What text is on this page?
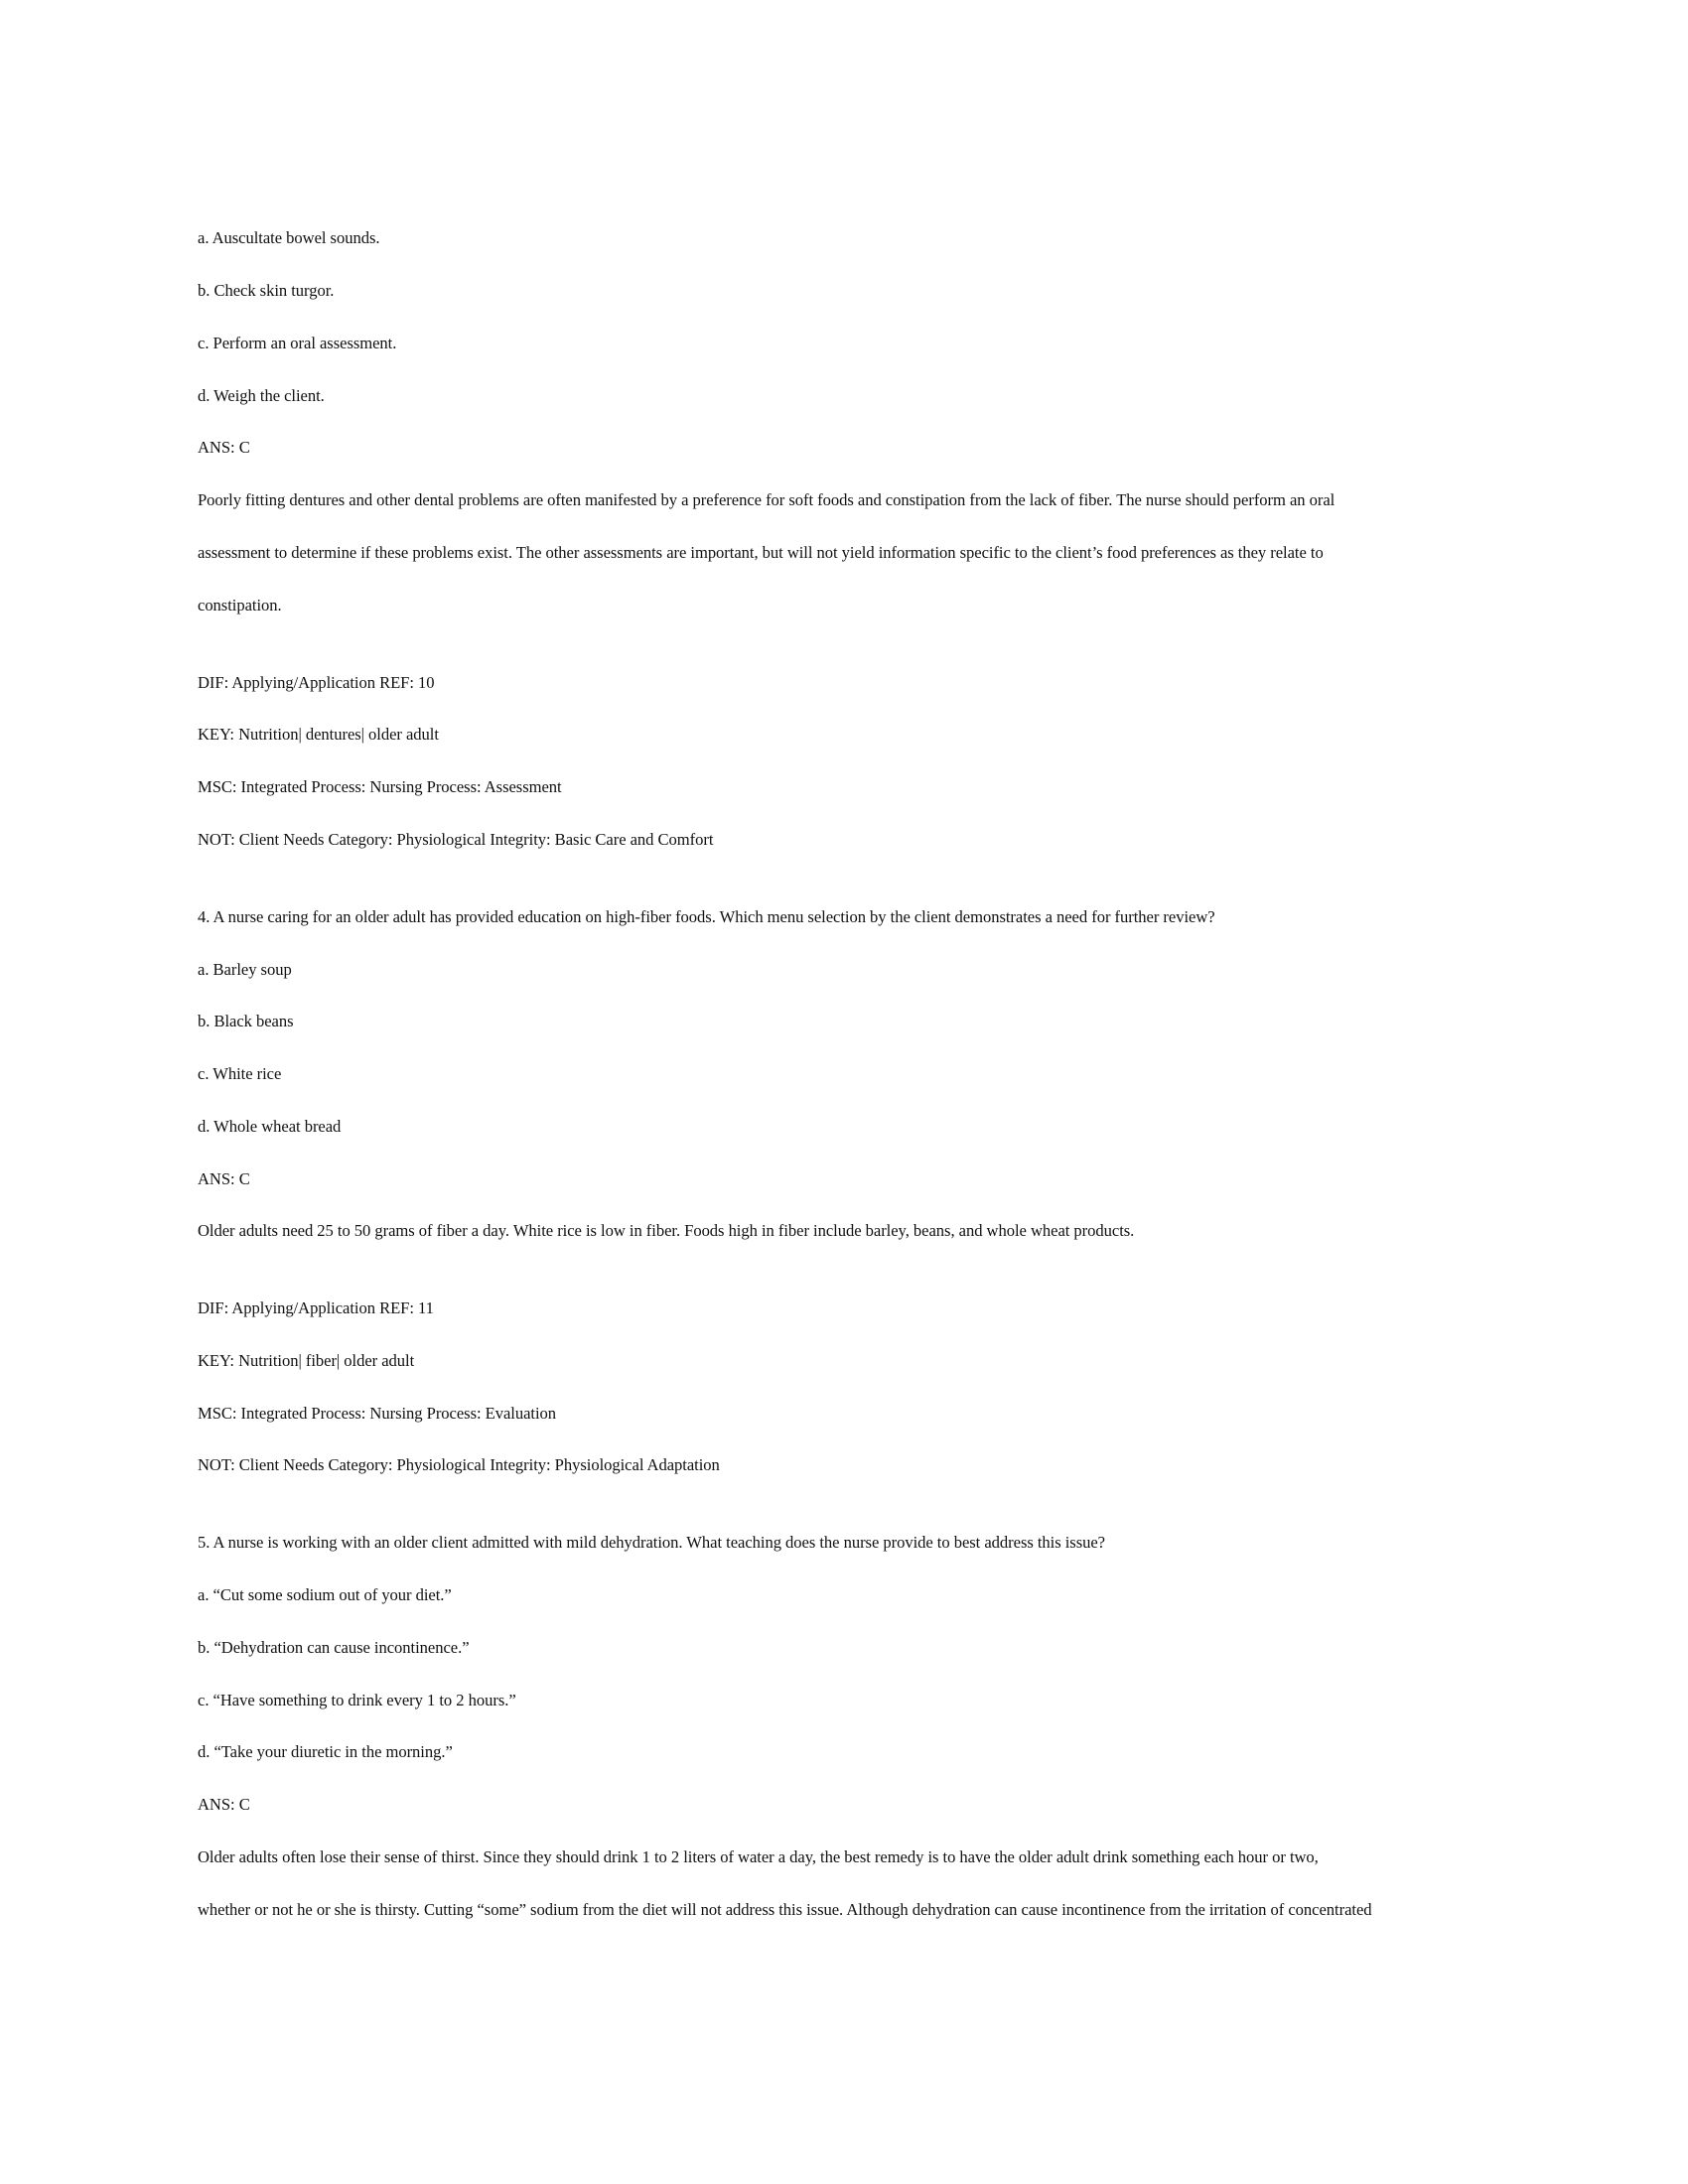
a. Auscultate bowel sounds.
b. Check skin turgor.
c. Perform an oral assessment.
d. Weigh the client.
ANS: C
Poorly fitting dentures and other dental problems are often manifested by a preference for soft foods and constipation from the lack of fiber. The nurse should perform an oral
assessment to determine if these problems exist. The other assessments are important, but will not yield information specific to the client’s food preferences as they relate to
constipation.
DIF: Applying/Application REF: 10
KEY: Nutrition| dentures| older adult
MSC: Integrated Process: Nursing Process: Assessment
NOT: Client Needs Category: Physiological Integrity: Basic Care and Comfort
4. A nurse caring for an older adult has provided education on high-fiber foods. Which menu selection by the client demonstrates a need for further review?
a. Barley soup
b. Black beans
c. White rice
d. Whole wheat bread
ANS: C
Older adults need 25 to 50 grams of fiber a day. White rice is low in fiber. Foods high in fiber include barley, beans, and whole wheat products.
DIF: Applying/Application REF: 11
KEY: Nutrition| fiber| older adult
MSC: Integrated Process: Nursing Process: Evaluation
NOT: Client Needs Category: Physiological Integrity: Physiological Adaptation
5. A nurse is working with an older client admitted with mild dehydration. What teaching does the nurse provide to best address this issue?
a. “Cut some sodium out of your diet.”
b. “Dehydration can cause incontinence.”
c. “Have something to drink every 1 to 2 hours.”
d. “Take your diuretic in the morning.”
ANS: C
Older adults often lose their sense of thirst. Since they should drink 1 to 2 liters of water a day, the best remedy is to have the older adult drink something each hour or two,
whether or not he or she is thirsty. Cutting “some” sodium from the diet will not address this issue. Although dehydration can cause incontinence from the irritation of concentrated
